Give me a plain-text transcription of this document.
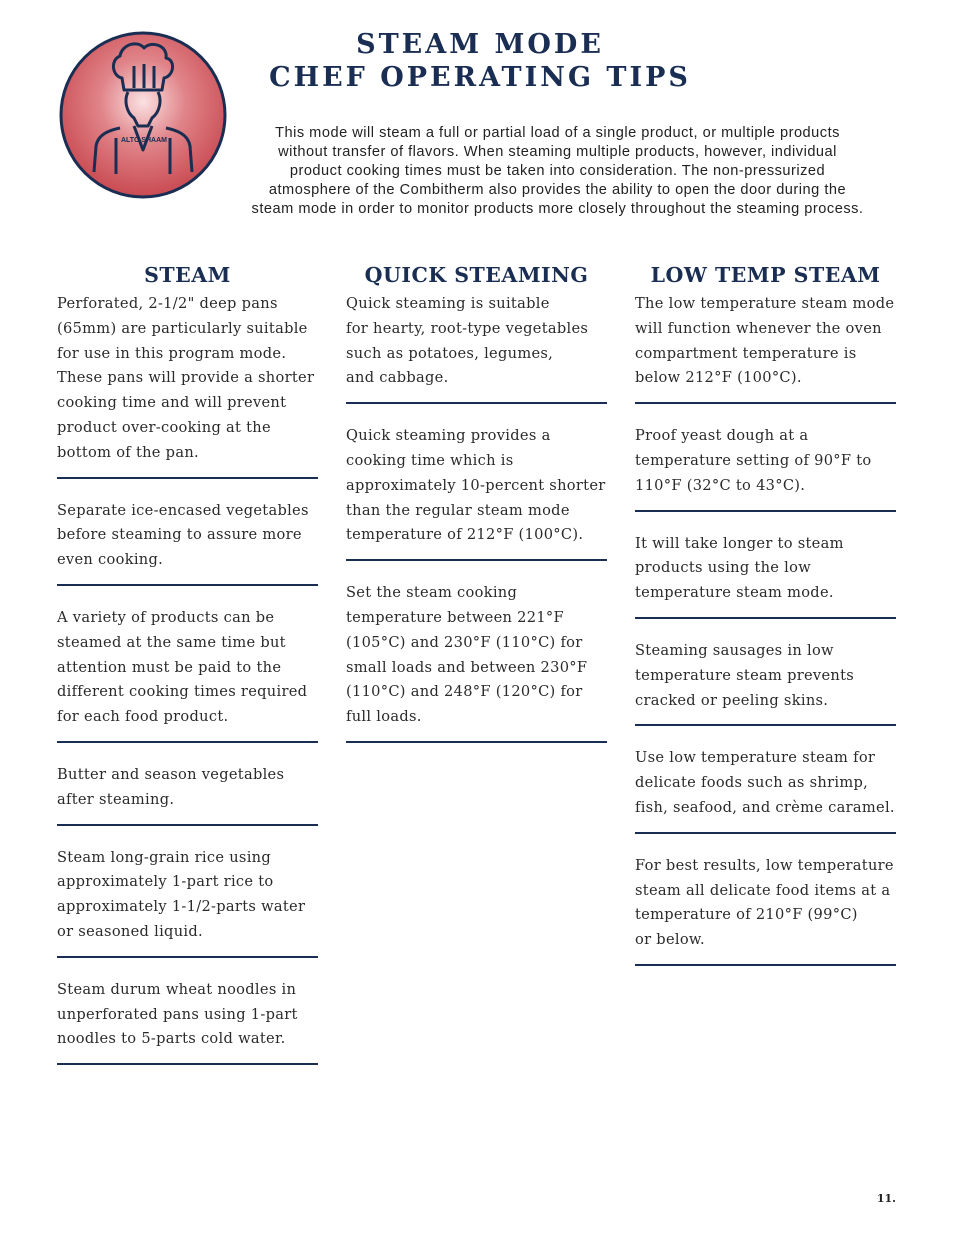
ALTO SHAAM
STEAM MODE
CHEF OPERATING TIPS
This mode will steam a full or partial load of a single product, or multiple products
without transfer of flavors. When steaming multiple products, however, individual
product cooking times must be taken into consideration. The non-pressurized
atmosphere of the Combitherm also provides the ability to open the door during the
steam mode in order to monitor products more closely throughout the steaming process.
STEAM
Perforated, 2-1/2" deep pans
(65mm) are particularly suitable
for use in this program mode.
These pans will provide a shorter
cooking time and will prevent
product over-cooking at the
bottom of the pan.
Separate ice-encased vegetables
before steaming to assure more
even cooking.
A variety of products can be
steamed at the same time but
attention must be paid to the
different cooking times required
for each food product.
Butter and season vegetables
after steaming.
Steam long-grain rice using
approximately 1-part rice to
approximately 1-1/2-parts water
or seasoned liquid.
Steam durum wheat noodles in
unperforated pans using 1-part
noodles to 5-parts cold water.
QUICK STEAMING
Quick steaming is suitable
for hearty, root-type vegetables
such as potatoes, legumes,
and cabbage.
Quick steaming provides a
cooking time which is
approximately 10-percent shorter
than the regular steam mode
temperature of 212°F (100°C).
Set the steam cooking
temperature between 221°F
(105°C) and 230°F (110°C) for
small loads and between 230°F
(110°C) and 248°F (120°C) for
full loads.
LOW TEMP STEAM
The low temperature steam mode
will function whenever the oven
compartment temperature is
below 212°F (100°C).
Proof yeast dough at a
temperature setting of 90°F to
110°F (32°C to 43°C).
It will take longer to steam
products using the low
temperature steam mode.
Steaming sausages in low
temperature steam prevents
cracked or peeling skins.
Use low temperature steam for
delicate foods such as shrimp,
fish, seafood, and crème caramel.
For best results, low temperature
steam all delicate food items at a
temperature of 210°F (99°C)
or below.
11.
